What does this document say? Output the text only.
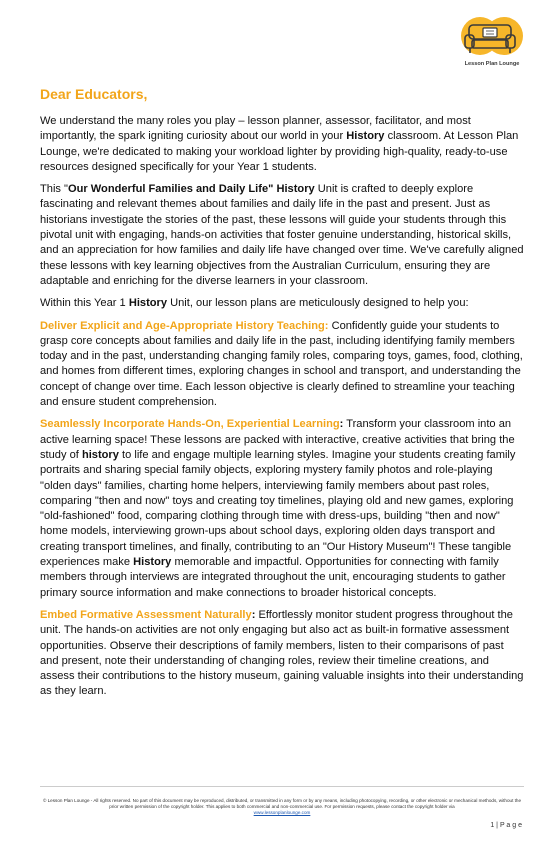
Lesson Plan Lounge
Dear Educators,

We understand the many roles you play – lesson planner, assessor, facilitator, and most importantly, the spark igniting curiosity about our world in your History classroom. At Lesson Plan Lounge, we're dedicated to making your workload lighter by providing high-quality, ready-to-use resources designed specifically for your Year 1 students.

This "Our Wonderful Families and Daily Life" History Unit is crafted to deeply explore fascinating and relevant themes about families and daily life in the past and present. Just as historians investigate the stories of the past, these lessons will guide your students through this pivotal unit with engaging, hands-on activities that foster genuine understanding, historical skills, and an appreciation for how families and daily life have changed over time. We've carefully aligned these lessons with key learning objectives from the Australian Curriculum, ensuring they are adaptable and enriching for the diverse learners in your classroom.

Within this Year 1 History Unit, our lesson plans are meticulously designed to help you:

Deliver Explicit and Age-Appropriate History Teaching: Confidently guide your students to grasp core concepts about families and daily life in the past, including identifying family members today and in the past, understanding changing family roles, comparing toys, games, food, clothing, and homes from different times, exploring changes in school and transport, and understanding the concept of change over time. Each lesson objective is clearly defined to streamline your teaching and ensure student comprehension.

Seamlessly Incorporate Hands-On, Experiential Learning: Transform your classroom into an active learning space! These lessons are packed with interactive, creative activities that bring the study of history to life and engage multiple learning styles. Imagine your students creating family portraits and sharing special family objects, exploring mystery family photos and role-playing "olden days" families, charting home helpers, interviewing family members about past roles, comparing "then and now" toys and creating toy timelines, playing old and new games, exploring "old-fashioned" food, comparing clothing through time with dress-ups, building "then and now" home models, interviewing grown-ups about school days, exploring olden days transport and creating transport timelines, and finally, contributing to an "Our History Museum"! These tangible experiences make History memorable and impactful. Opportunities for connecting with family members through interviews are integrated throughout the unit, encouraging students to gather primary source information and make connections to broader historical concepts.

Embed Formative Assessment Naturally: Effortlessly monitor student progress throughout the unit. The hands-on activities are not only engaging but also act as built-in formative assessment opportunities. Observe their descriptions of family members, listen to their comparisons of past and present, note their understanding of changing roles, review their timeline creations, and assess their contributions to the history museum, gaining valuable insights into their understanding as they learn.

© Lesson Plan Lounge - All rights reserved. No part of this document may be reproduced, distributed, or transmitted in any form or by any means, including photocopying, recording, or other electronic or mechanical methods, without the prior written permission of the copyright holder. This applies to both commercial and non-commercial use. For permission requests, please contact the copyright holder via
www.lessonplanlounge.com

1 | P a g e
